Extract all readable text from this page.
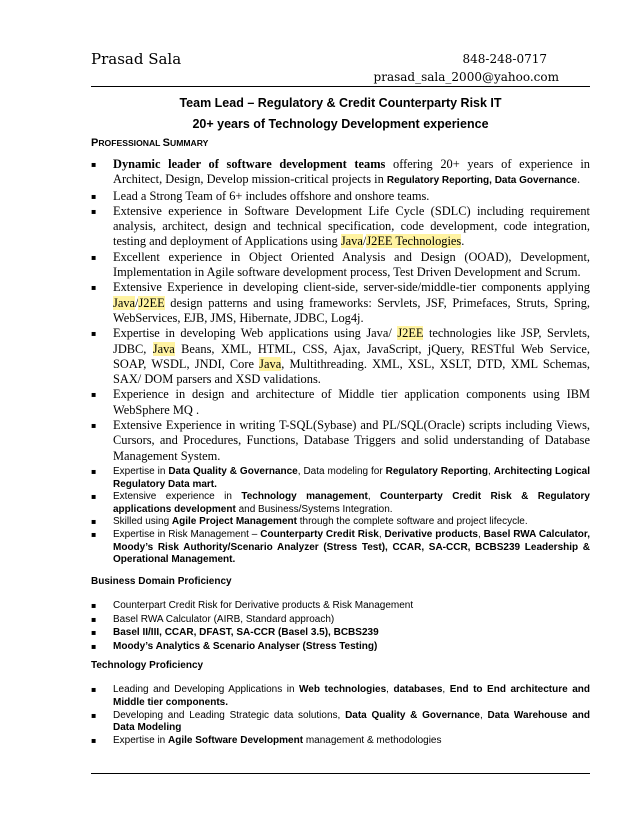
Prasad Sala	848-248-0717
prasad_sala_2000@yahoo.com
Team Lead – Regulatory & Credit Counterparty Risk IT
20+ years of Technology Development experience
PROFESSIONAL SUMMARY
▪ Dynamic leader of software development teams offering 20+ years of experience in Architect, Design, Develop mission-critical projects in Regulatory Reporting, Data Governance.
▪ Lead a Strong Team of 6+ includes offshore and onshore teams.
▪ Extensive experience in Software Development Life Cycle (SDLC) including requirement analysis, architect, design and technical specification, code development, code integration, testing and deployment of Applications using Java/J2EE Technologies.
▪ Excellent experience in Object Oriented Analysis and Design (OOAD), Development, Implementation in Agile software development process, Test Driven Development and Scrum.
▪ Extensive Experience in developing client-side, server-side/middle-tier components applying Java/J2EE design patterns and using frameworks: Servlets, JSF, Primefaces, Struts, Spring, WebServices, EJB, JMS, Hibernate, JDBC, Log4j.
▪ Expertise in developing Web applications using Java/ J2EE technologies like JSP, Servlets, JDBC, Java Beans, XML, HTML, CSS, Ajax, JavaScript, jQuery, RESTful Web Service, SOAP, WSDL, JNDI, Core Java, Multithreading. XML, XSL, XSLT, DTD, XML Schemas, SAX/ DOM parsers and XSD validations.
▪ Experience in design and architecture of Middle tier application components using IBM WebSphere MQ .
▪ Extensive Experience in writing T-SQL(Sybase) and PL/SQL(Oracle) scripts including Views, Cursors, and Procedures, Functions, Database Triggers and solid understanding of Database Management System.
▪ Expertise in Data Quality & Governance, Data modeling for Regulatory Reporting, Architecting Logical Regulatory Data mart.
▪ Extensive experience in Technology management, Counterparty Credit Risk & Regulatory applications development and Business/Systems Integration.
▪ Skilled using Agile Project Management through the complete software and project lifecycle.
▪ Expertise in Risk Management – Counterparty Credit Risk, Derivative products, Basel RWA Calculator, Moody’s Risk Authority/Scenario Analyzer (Stress Test), CCAR, SA-CCR, BCBS239 Leadership & Operational Management.
Business Domain Proficiency
▪ Counterpart Credit Risk for Derivative products & Risk Management
▪ Basel RWA Calculator (AIRB, Standard approach)
▪ Basel II/III, CCAR, DFAST, SA-CCR (Basel 3.5), BCBS239
▪ Moody’s Analytics & Scenario Analyser (Stress Testing)
Technology Proficiency
▪ Leading and Developing Applications in Web technologies, databases, End to End architecture and Middle tier components.
▪ Developing and Leading Strategic data solutions, Data Quality & Governance, Data Warehouse and Data Modeling
▪ Expertise in Agile Software Development management & methodologies
